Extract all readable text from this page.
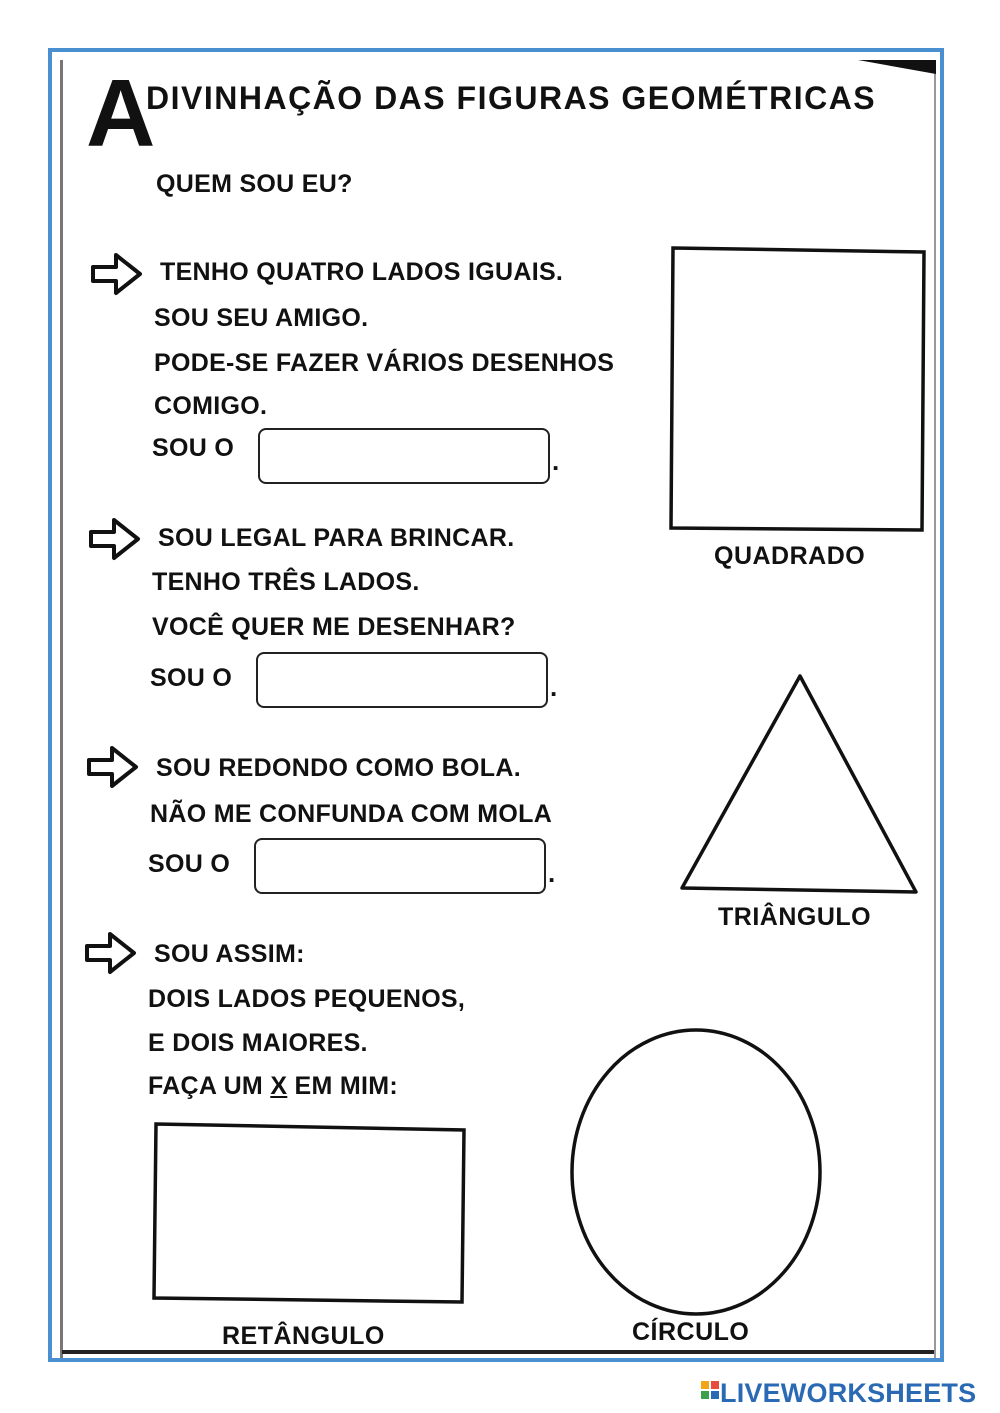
A
DIVINHAÇÃO DAS FIGURAS GEOMÉTRICAS
QUEM SOU EU?
TENHO QUATRO LADOS IGUAIS.
SOU SEU AMIGO.
PODE-SE FAZER VÁRIOS DESENHOS
COMIGO.
SOU O	.
SOU LEGAL PARA BRINCAR.
TENHO TRÊS LADOS.
VOCÊ QUER ME DESENHAR?
SOU O	.
SOU REDONDO COMO BOLA.
NÃO ME CONFUNDA COM MOLA
SOU O	.
SOU ASSIM:
DOIS LADOS PEQUENOS,
E DOIS MAIORES.
FAÇA UM X EM MIM:
QUADRADO
TRIÂNGULO
RETÂNGULO	CÍRCULO
LIVEWORKSHEETS
